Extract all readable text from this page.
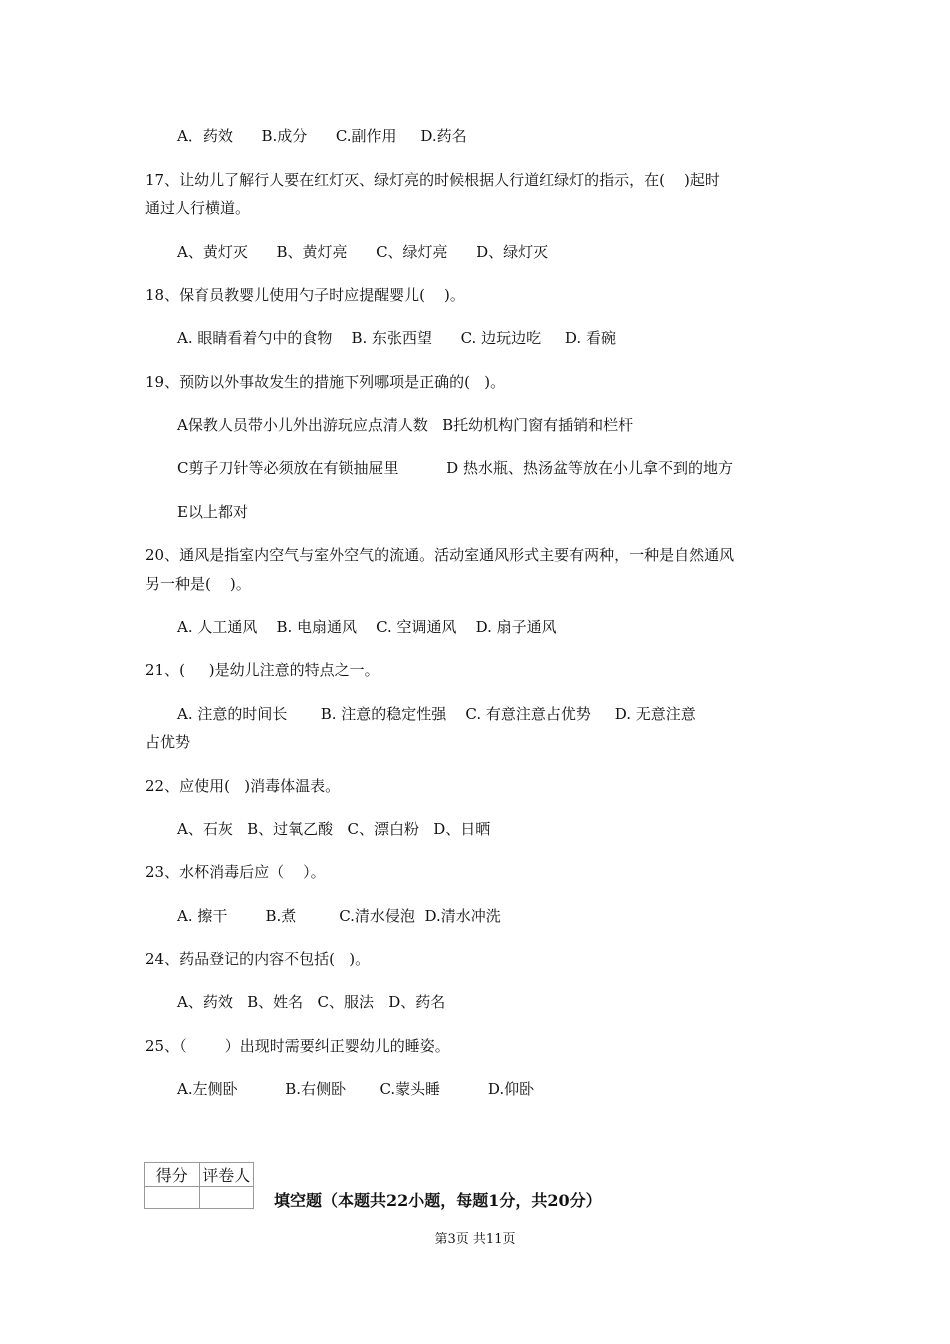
A．药效      B.成分      C.副作用     D.药名
17、让幼儿了解行人要在红灯灭、绿灯亮的时候根据人行道红绿灯的指示，在(    )起时
通过人行横道。
A、黄灯灭      B、黄灯亮      C、绿灯亮      D、绿灯灭
18、保育员教婴儿使用勺子时应提醒婴儿(    )。
A. 眼睛看着勺中的食物    B. 东张西望      C. 边玩边吃     D. 看碗
19、预防以外事故发生的措施下列哪项是正确的(   )。
A保教人员带小儿外出游玩应点清人数   B托幼机构门窗有插销和栏杆
C剪子刀针等必须放在有锁抽屉里          D 热水瓶、热汤盆等放在小儿拿不到的地方
E以上都对
20、通风是指室内空气与室外空气的流通。活动室通风形式主要有两种，一种是自然通风
另一种是(    )。
A. 人工通风    B. 电扇通风    C. 空调通风    D. 扇子通风
21、(     )是幼儿注意的特点之一。
A. 注意的时间长       B. 注意的稳定性强    C. 有意注意占优势     D. 无意注意
占优势
22、应使用(   )消毒体温表。
A、石灰   B、过氧乙酸   C、漂白粉   D、日晒
23、水杯消毒后应（    ）。
A. 擦干        B.煮         C.清水侵泡  D.清水冲洗
24、药品登记的内容不包括(   )。
A、药效   B、姓名   C、服法   D、药名
25、（        ）出现时需要纠正婴幼儿的睡姿。
A.左侧卧          B.右侧卧       C.蒙头睡          D.仰卧
得分	评卷人

填空题（本题共22小题，每题1分，共20分）
第3页 共11页
